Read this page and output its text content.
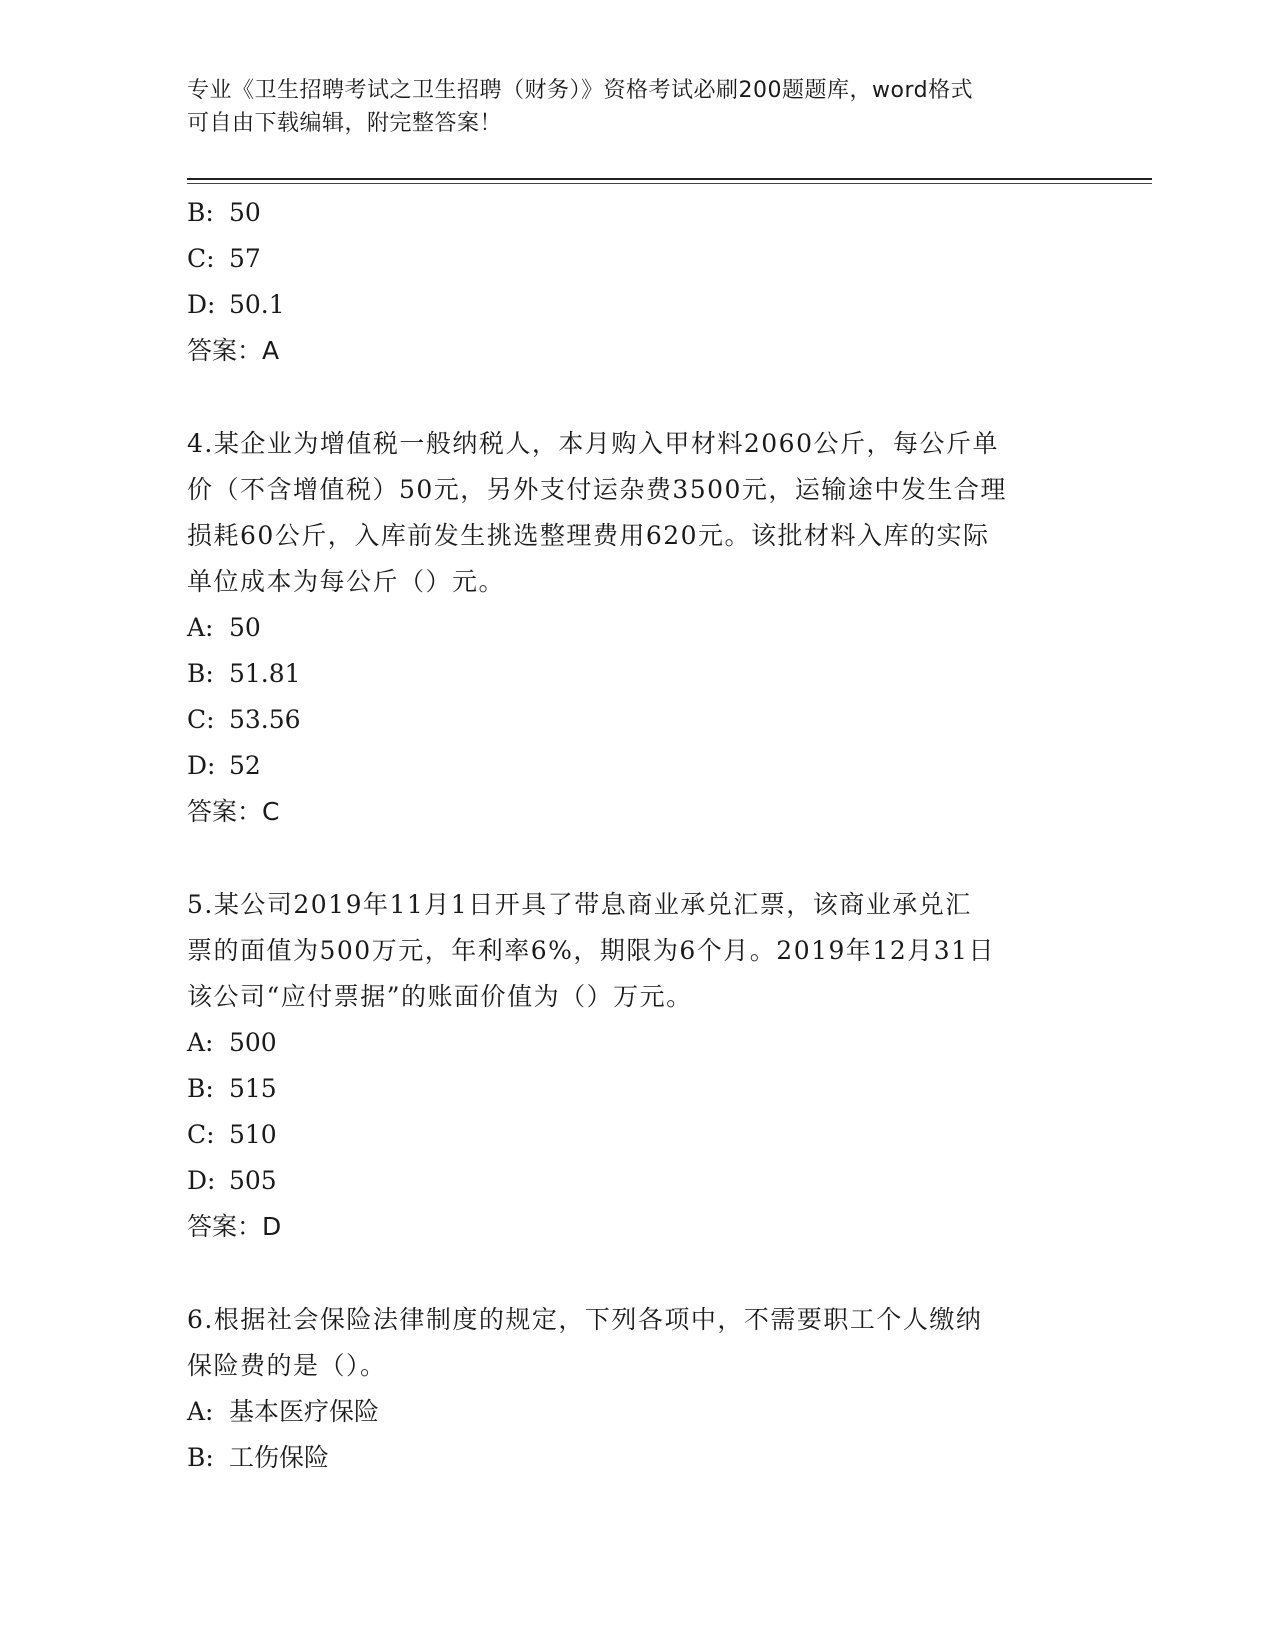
专业《卫生招聘考试之卫生招聘（财务）》资格考试必刷200题题库，word格式
可自由下载编辑，附完整答案！
B: 50
C: 57
D: 50.1
答案：A
4.某企业为增值税一般纳税人，本月购入甲材料2060公斤，每公斤单
价（不含增值税）50元，另外支付运杂费3500元，运输途中发生合理
损耗60公斤，入库前发生挑选整理费用620元。该批材料入库的实际
单位成本为每公斤（）元。
A: 50
B: 51.81
C: 53.56
D: 52
答案：C
5.某公司2019年11月1日开具了带息商业承兑汇票，该商业承兑汇
票的面值为500万元，年利率6%，期限为6个月。2019年12月31日
该公司“应付票据”的账面价值为（）万元。
A: 500
B: 515
C: 510
D: 505
答案：D
6.根据社会保险法律制度的规定，下列各项中，不需要职工个人缴纳
保险费的是（）。
A: 基本医疗保险
B: 工伤保险
